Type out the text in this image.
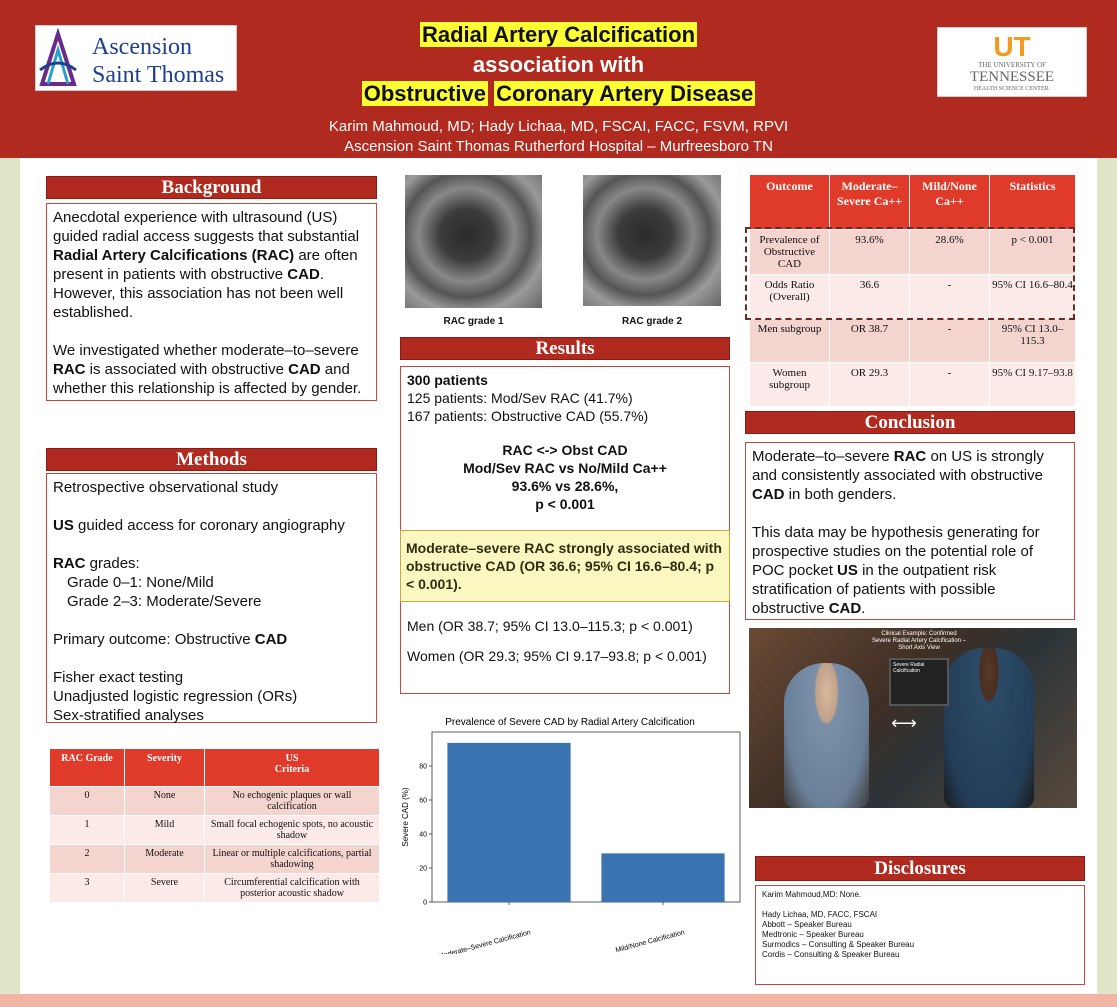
Ascension
Saint Thomas
Radial Artery Calcification
association with
Obstructive Coronary Artery Disease
Karim Mahmoud, MD; Hady Lichaa, MD, FSCAI, FACC, FSVM, RPVI
Ascension Saint Thomas Rutherford Hospital – Murfreesboro TN
UT
THE UNIVERSITY OF
TENNESSEE
HEALTH SCIENCE CENTER.
Background

Anecdotal experience with ultrasound (US) guided radial access suggests that substantial Radial Artery Calcifications (RAC) are often present in patients with obstructive CAD. However, this association has not been well established.

We investigated whether moderate–to–severe RAC is associated with obstructive CAD and whether this relationship is affected by gender.

Methods

Retrospective observational study

US guided access for coronary angiography

RAC grades:
Grade 0–1: None/Mild
Grade 2–3: Moderate/Severe

Primary outcome: Obstructive CAD

Fisher exact testing
Unadjusted logistic regression (ORs)
Sex-stratified analyses

RAC Grade	Severity	US
Criteria
0	None	No echogenic plaques or wall calcification
1	Mild	Small focal echogenic spots, no acoustic shadow
2	Moderate	Linear or multiple calcifications, partial shadowing
3	Severe	Circumferential calcification with posterior acoustic shadow
RAC grade 1	RAC grade 2
Results
300 patients
125 patients: Mod/Sev RAC (41.7%)
167 patients: Obstructive CAD (55.7%)
RAC <-> Obst CAD
Mod/Sev RAC vs No/Mild Ca++
93.6% vs 28.6%,
p < 0.001
Men (OR 38.7; 95% CI 13.0–115.3; p < 0.001)
Women (OR 29.3; 95% CI 9.17–93.8; p < 0.001)
Moderate–severe RAC strongly associated with obstructive CAD (OR 36.6; 95% CI 16.6–80.4; p < 0.001).
Prevalence of Severe CAD by Radial Artery Calcification
0
20
40
60
80
Severe CAD (%)
Moderate–Severe Calcification	Mild/None Calcification
Outcome	Moderate–Severe Ca++	Mild/None Ca++	Statistics
Prevalence of Obstructive CAD	93.6%	28.6%	p < 0.001
Odds Ratio (Overall)	36.6	-	95% CI 16.6–80.4
Men subgroup	OR 38.7	-	95% CI 13.0–115.3
Women subgroup	OR 29.3	-	95% CI 9.17–93.8
Conclusion

Moderate–to–severe RAC on US is strongly and consistently associated with obstructive CAD in both genders.

This data may be hypothesis generating for prospective studies on the potential role of POC pocket US in the outpatient risk stratification of patients with possible obstructive CAD.

Clinical Example: Confirmed Severe Radial Artery Calcification – Short Axis View
Severe Radial Calcification
⟷
Disclosures
Karim Mahmoud,MD: None.
Hady Lichaa, MD, FACC, FSCAI
Abbott – Speaker Bureau
Medtronic – Speaker Bureau
Surmodics – Consulting & Speaker Bureau
Cordis – Consulting & Speaker Bureau
